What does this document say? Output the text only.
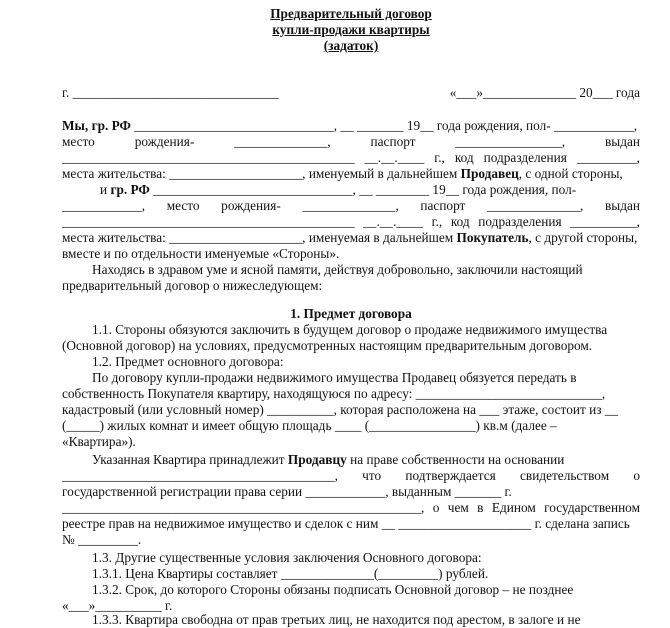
Предварительный договор
купли-продажи квартиры
(задаток)
г. _______________________________	«___»______________ 20___ года
Мы, гр. РФ ______________________________, __ _______ 19__ года рождения, пол- ____________,
место рождения- ______________, паспорт ________________, выдан
____________________________________________ __.__.____ г., код подразделения _________,
места жительства: ____________________, именуемый в дальнейшем Продавец, с одной стороны,
и гр. РФ ______________________________, __ ________ 19__ года рождения, пол-
____________, место рождения- ______________, паспорт ______________, выдан
____________________________________________ __.__.____ г., код подразделения __________,
места жительства: ____________________, именуемая в дальнейшем Покупатель, с другой стороны,
вместе и по отдельности именуемые «Стороны».
Находясь в здравом уме и ясной памяти, действуя добровольно, заключили настоящий
предварительный договор о нижеследующем:
1. Предмет договора
1.1. Стороны обязуются заключить в будущем договор о продаже недвижимого имущества
(Основной договор) на условиях, предусмотренных настоящим предварительным договором.
1.2. Предмет основного договора:
По договору купли-продажи недвижимого имущества Продавец обязуется передать в
собственность Покупателя квартиру, находящуюся по адресу: ____________________________,
кадастровый (или условный номер) __________, которая расположена на ___ этаже, состоит из __
(_____) жилых комнат и имеет общую площадь ____ (________________) кв.м (далее –
«Квартира»).
Указанная Квартира принадлежит Продавцу на праве собственности на основании
_________________________________________, что подтверждается свидетельством о
государственной регистрации права серии ____________, выданным _______ г.
______________________________________________________, о чем в Едином государственном
реестре прав на недвижимое имущество и сделок с ним __ ____________________ г. сделана запись
№ _________.
1.3. Другие существенные условия заключения Основного договора:
1.3.1. Цена Квартиры составляет ______________(_________) рублей.
1.3.2. Срок, до которого Стороны обязаны подписать Основной договор – не позднее
«___»__________ г.
1.3.3. Квартира свободна от прав третьих лиц, не находится под арестом, в залоге и не
